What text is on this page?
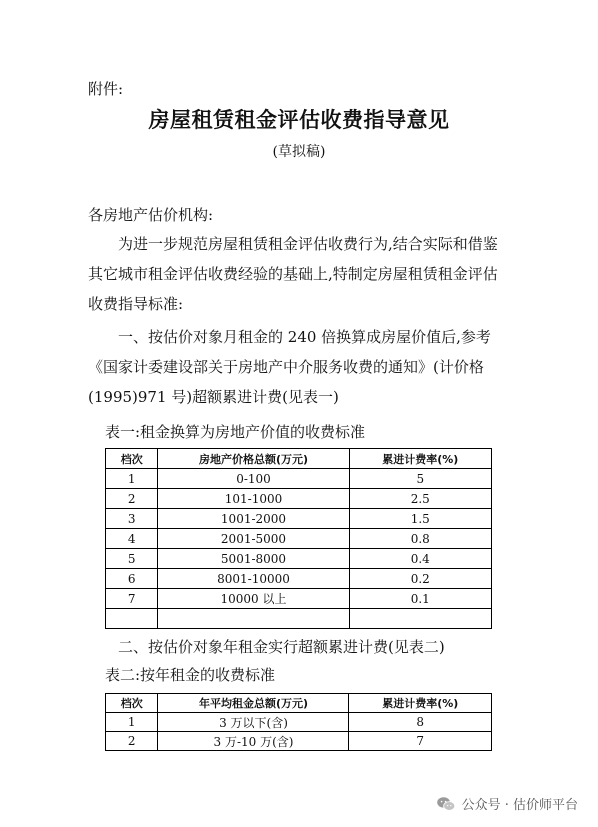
附件:
房屋租赁租金评估收费指导意见
(草拟稿)
各房地产估价机构:
为进一步规范房屋租赁租金评估收费行为,结合实际和借鉴
其它城市租金评估收费经验的基础上,特制定房屋租赁租金评估
收费指导标准:
一、按估价对象月租金的 240 倍换算成房屋价值后,参考
《国家计委建设部关于房地产中介服务收费的通知》(计价格
(1995)971 号)超额累进计费(见表一)
表一:租金换算为房地产价值的收费标准
档次	房地产价格总额(万元)	累进计费率(%)
1	0-100	5
2	101-1000	2.5
3	1001-2000	1.5
4	2001-5000	0.8
5	5001-8000	0.4
6	8001-10000	0.2
7	10000 以上	0.1

二、按估价对象年租金实行超额累进计费(见表二)
表二:按年租金的收费标准
档次	年平均租金总额(万元)	累进计费率(%)
1	3 万以下(含)	8
2	3 万-10 万(含)	7
公众号 · 估价师平台
